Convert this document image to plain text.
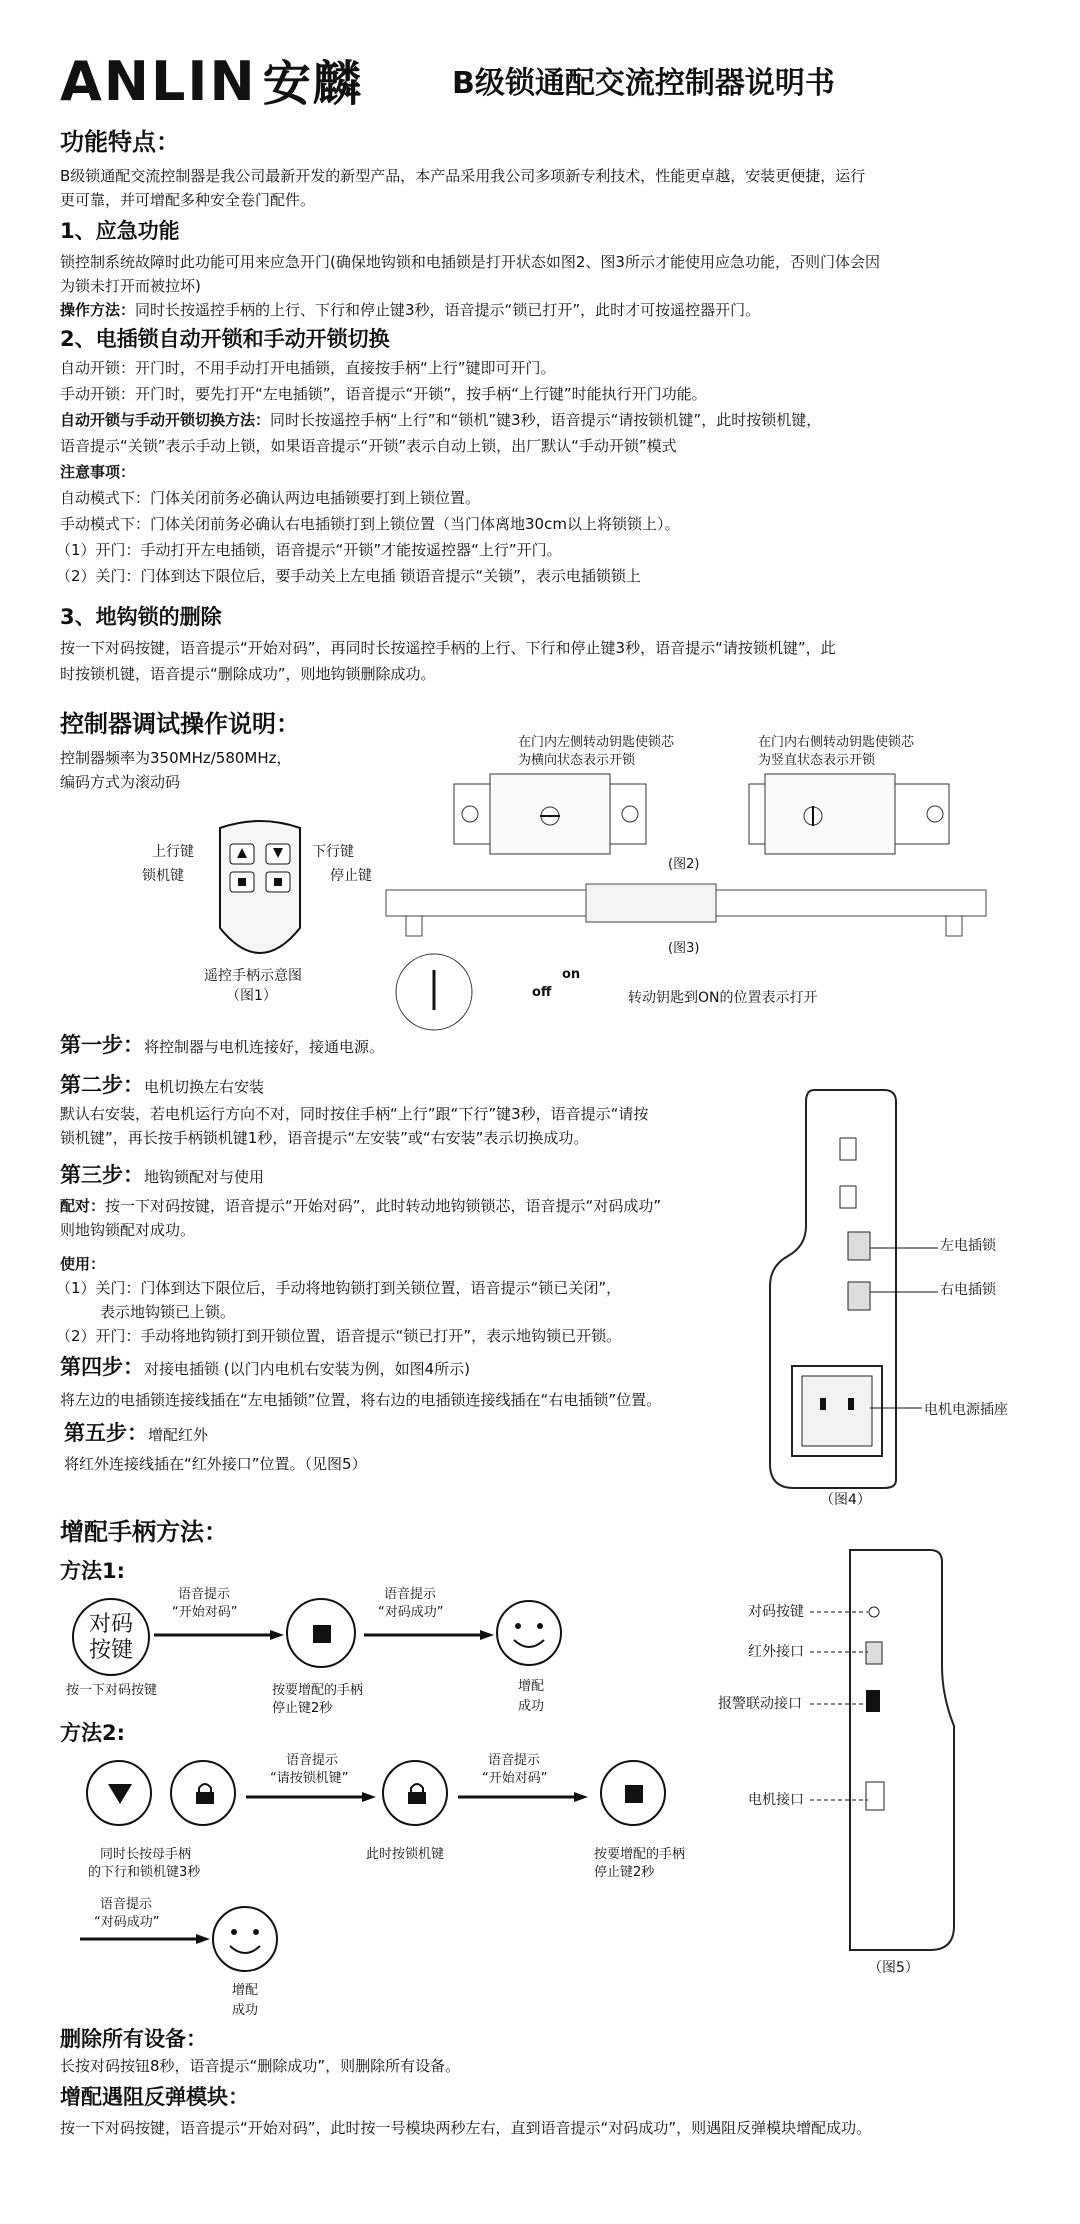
ANLIN 安麟	B级锁通配交流控制器说明书
功能特点：
B级锁通配交流控制器是我公司最新开发的新型产品，本产品采用我公司多项新专利技术，性能更卓越，安装更便捷，运行
更可靠，并可增配多种安全卷门配件。
1、应急功能
锁控制系统故障时此功能可用来应急开门(确保地钩锁和电插锁是打开状态如图2、图3所示才能使用应急功能，否则门体会因
为锁未打开而被拉坏)
操作方法：同时长按遥控手柄的上行、下行和停止键3秒，语音提示“锁已打开”，此时才可按遥控器开门。
2、电插锁自动开锁和手动开锁切换
自动开锁：开门时，不用手动打开电插锁，直接按手柄“上行”键即可开门。
手动开锁：开门时，要先打开“左电插锁”，语音提示“开锁”，按手柄“上行键”时能执行开门功能。
自动开锁与手动开锁切换方法：同时长按遥控手柄“上行”和“锁机”键3秒，语音提示“请按锁机键”，此时按锁机键，
语音提示“关锁”表示手动上锁，如果语音提示“开锁”表示自动上锁，出厂默认“手动开锁”模式
注意事项：
自动模式下：门体关闭前务必确认两边电插锁要打到上锁位置。
手动模式下：门体关闭前务必确认右电插锁打到上锁位置（当门体离地30cm以上将锁锁上）。
（1）开门：手动打开左电插锁，语音提示“开锁”才能按遥控器“上行”开门。
（2）关门：门体到达下限位后，要手动关上左电插 锁语音提示“关锁”，表示电插锁锁上
3、地钩锁的删除
按一下对码按键，语音提示“开始对码”，再同时长按遥控手柄的上行、下行和停止键3秒，语音提示“请按锁机键”，此
时按锁机键，语音提示“删除成功”，则地钩锁删除成功。
控制器调试操作说明：
控制器频率为350MHz/580MHz，
编码方式为滚动码
上行键	下行键
锁机键	停止键
遥控手柄示意图
（图1）
在门内左侧转动钥匙使锁芯
为横向状态表示开锁
在门内右侧转动钥匙使锁芯
为竖直状态表示开锁
(图2)
(图3)
on
off	转动钥匙到ON的位置表示打开
第一步：将控制器与电机连接好，接通电源。
第二步：电机切换左右安装
默认右安装，若电机运行方向不对，同时按住手柄“上行”跟“下行”键3秒，语音提示“请按
锁机键”，再长按手柄锁机键1秒，语音提示“左安装”或“右安装”表示切换成功。
第三步：地钩锁配对与使用
配对：按一下对码按键，语音提示“开始对码”，此时转动地钩锁锁芯，语音提示“对码成功”
则地钩锁配对成功。
使用：
（1）关门：门体到达下限位后，手动将地钩锁打到关锁位置，语音提示“锁已关闭”，
表示地钩锁已上锁。
（2）开门：手动将地钩锁打到开锁位置，语音提示“锁已打开”，表示地钩锁已开锁。
第四步：对接电插锁 (以门内电机右安装为例，如图4所示)
将左边的电插锁连接线插在“左电插锁”位置，将右边的电插锁连接线插在“右电插锁”位置。
第五步：增配红外
将红外连接线插在“红外接口”位置。（见图5）
左电插锁
右电插锁
电机电源插座
（图4）
增配手柄方法：
方法1:
对码
按键
语音提示
“开始对码”
语音提示
“对码成功”
按一下对码按键	按要增配的手柄
停止键2秒
增配
成功
方法2:
语音提示
“请按锁机键”
语音提示
“开始对码”
同时长按母手柄
的下行和锁机键3秒
此时按锁机键	按要增配的手柄
停止键2秒
语音提示
“对码成功”
增配
成功
对码按键
红外接口
报警联动接口
电机接口
（图5）
删除所有设备：
长按对码按钮8秒，语音提示“删除成功”，则删除所有设备。
增配遇阻反弹模块：
按一下对码按键，语音提示“开始对码”，此时按一号模块两秒左右，直到语音提示“对码成功”，则遇阻反弹模块增配成功。
